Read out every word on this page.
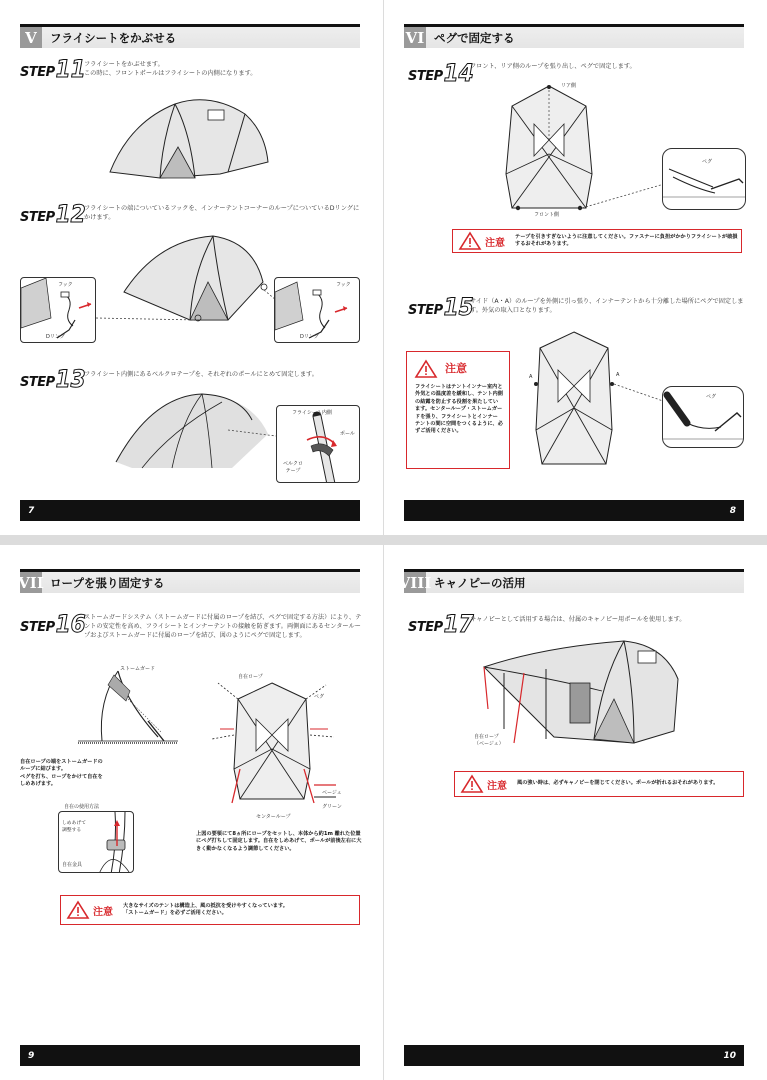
V	フライシートをかぶせる
STEP 11
フライシートをかぶせます。
この時に、フロントポールはフライシートの内側になります。
STEP 12
フライシートの端についているフックを、インナーテントコーナーのループについているDリングにかけます。
フック
Dリング
フック
Dリング
STEP 13
フライシート内側にあるベルクロテープを、それぞれのポールにとめて固定します。
フライシート内側
ポール
ベルクロ
テープ
7
VI ペグで固定する
STEP 14
フロント、リア側のループを張り出し、ペグで固定します。
リア側
フロント側
ペグ
注意
テープを引きすぎないように注意してください。ファスナーに負担がかかりフライシートが破損するおそれがあります。
STEP 15
サイド（A・A）のループを外側に引っ張り、インナーテントから十分離した場所にペグで固定します。外気の取入口となります。
注意
フライシートはテントインナー室内と外気との温度差を緩和し、テント内側の結露を防止する役割を果たしています。センターループ・ストームガードを張り、フライシートとインナーテントの間に空間をつくるように、必ずご活用ください。
A	A
ペグ
8
VII ロープを張り固定する
STEP 16
ストームガードシステム（ストームガードに付属のロープを結び、ペグで固定する方法）により、テントの安定性を高め、フライシートとインナーテントの接触を防ぎます。両側面にあるセンターループおよびストームガードに付属のロープを結び、図のようにペグで固定します。
ストームガード
自在ロープの端をストームガードの
ループに結びます。
ペグを打ち、ロープをかけて自在を
しめあげます。
自在の使用方法
しめあげて
調整する
自在金具
自在ロープ
ペグ
ベージュ
グリーン
センターループ
上図の要領にて8ヵ所にロープをセットし、本体から約1m 離れた位置にペグ打ちして固定します。自在をしめあげて、ポールが前後左右に大きく動かなくなるよう調節してください。
注意
大きなサイズのテントは構造上、風の抵抗を受けやすくなっています。
「ストームガード」を必ずご活用ください。
9
VIII キャノピーの活用
STEP 17
キャノピーとして活用する場合は、付属のキャノピー用ポールを使用します。
自在ロープ
（ベージュ）
注意 風の強い時は、必ずキャノピーを閉じてください。ポールが折れるおそれがあります。
10
